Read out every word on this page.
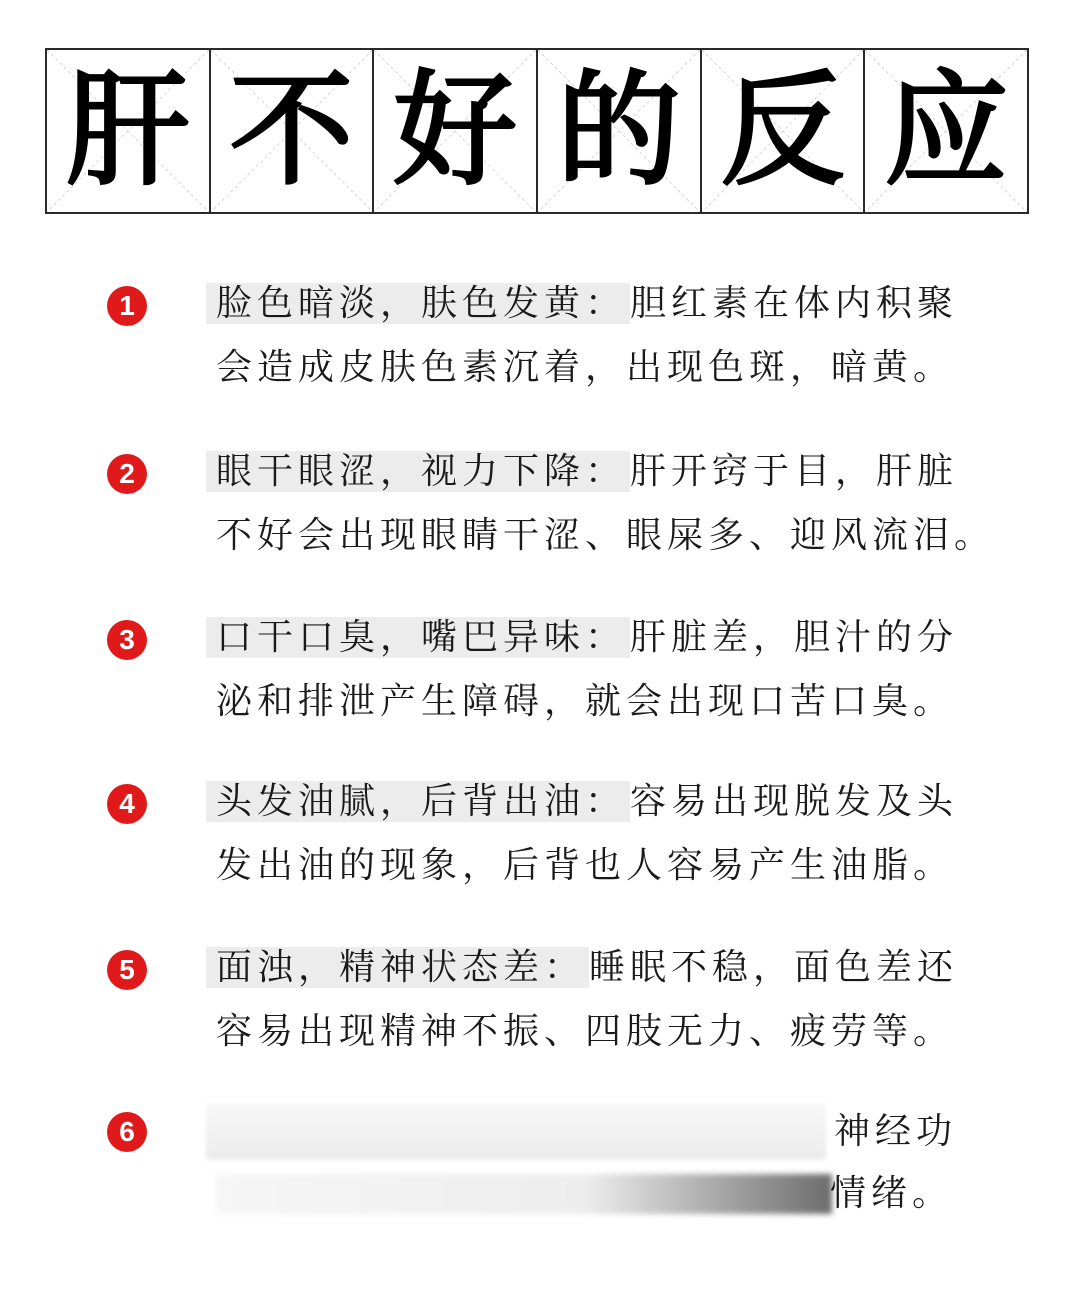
肝 不 好 的 反 应
1	脸色暗淡，肤色发黄： 胆红素在体内积聚
会造成皮肤色素沉着，出现色斑，暗黄。
2	眼干眼涩，视力下降： 肝开窍于目，肝脏
不好会出现眼睛干涩、眼屎多、迎风流泪。
3	口干口臭，嘴巴异味： 肝脏差，胆汁的分
泌和排泄产生障碍，就会出现口苦口臭。
4	头发油腻，后背出油： 容易出现脱发及头
发出油的现象，后背也人容易产生油脂。
5	面浊，精神状态差： 睡眠不稳，面色差还
容易出现精神不振、四肢无力、疲劳等。
6	神经功
情绪。
